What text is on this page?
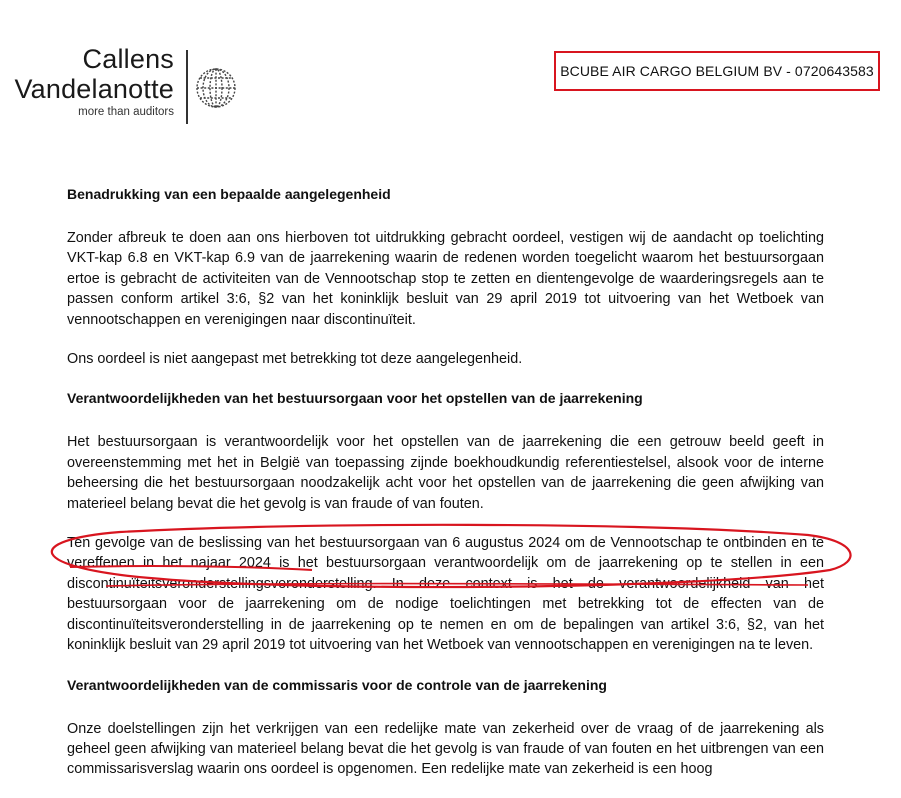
Callens
Vandelanotte
more than auditors
BCUBE AIR CARGO BELGIUM BV - 0720643583
Benadrukking van een bepaalde aangelegenheid

Zonder afbreuk te doen aan ons hierboven tot uitdrukking gebracht oordeel, vestigen wij de aandacht op toelichting VKT-kap 6.8 en VKT-kap 6.9 van de jaarrekening waarin de redenen worden toegelicht waarom het bestuursorgaan ertoe is gebracht de activiteiten van de Vennootschap stop te zetten en dientengevolge de waarderingsregels aan te passen conform artikel 3:6, §2 van het koninklijk besluit van 29 april 2019 tot uitvoering van het Wetboek van vennootschappen en verenigingen naar discontinuïteit.

Ons oordeel is niet aangepast met betrekking tot deze aangelegenheid.

Verantwoordelijkheden van het bestuursorgaan voor het opstellen van de jaarrekening

Het bestuursorgaan is verantwoordelijk voor het opstellen van de jaarrekening die een getrouw beeld geeft in overeenstemming met het in België van toepassing zijnde boekhoudkundig referentiestelsel, alsook voor de interne beheersing die het bestuursorgaan noodzakelijk acht voor het opstellen van de jaarrekening die geen afwijking van materieel belang bevat die het gevolg is van fraude of van fouten.

Ten gevolge van de beslissing van het bestuursorgaan van 6 augustus 2024 om de Vennootschap te ontbinden en te vereffenen in het najaar 2024 is het bestuursorgaan verantwoordelijk om de jaarrekening op te stellen in een discontinuïteitsveronderstellingsveronderstelling. In deze context is het de verantwoordelijkheid van het bestuursorgaan voor de jaarrekening om de nodige toelichtingen met betrekking tot de effecten van de discontinuïteitsveronderstelling in de jaarrekening op te nemen en om de bepalingen van artikel 3:6, §2, van het koninklijk besluit van 29 april 2019 tot uitvoering van het Wetboek van vennootschappen en verenigingen na te leven.

Verantwoordelijkheden van de commissaris voor de controle van de jaarrekening

Onze doelstellingen zijn het verkrijgen van een redelijke mate van zekerheid over de vraag of de jaarrekening als geheel geen afwijking van materieel belang bevat die het gevolg is van fraude of van fouten en het uitbrengen van een commissarisverslag waarin ons oordeel is opgenomen. Een redelijke mate van zekerheid is een hoog
